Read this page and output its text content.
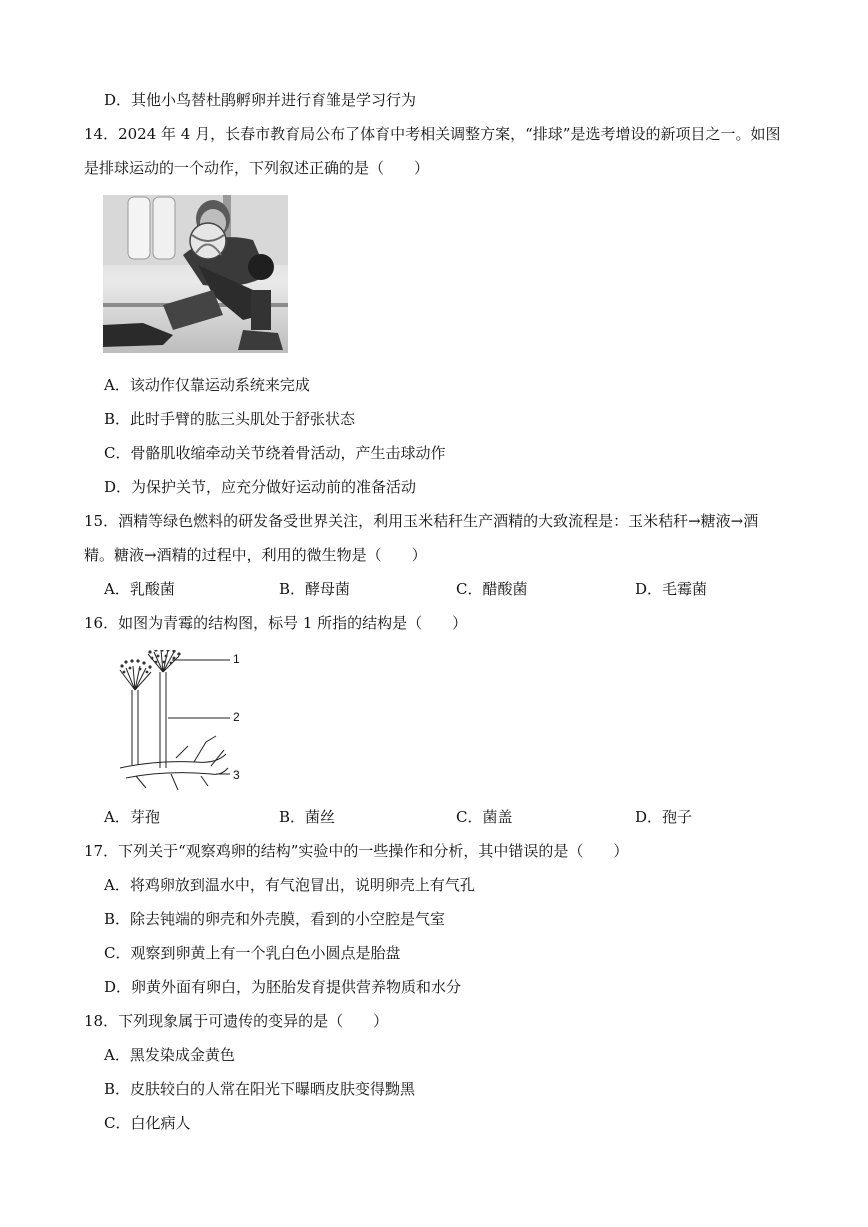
D．其他小鸟替杜鹃孵卵并进行育雏是学习行为
14．2024 年 4 月，长春市教育局公布了体育中考相关调整方案，“排球”是选考增设的新项目之一。如图
是排球运动的一个动作，下列叙述正确的是（　　）
A．该动作仅靠运动系统来完成
B．此时手臂的肱三头肌处于舒张状态
C．骨骼肌收缩牵动关节绕着骨活动，产生击球动作
D．为保护关节，应充分做好运动前的准备活动
15．酒精等绿色燃料的研发备受世界关注，利用玉米秸秆生产酒精的大致流程是：玉米秸秆→糖液→酒
精。糖液→酒精的过程中，利用的微生物是（　　）
A．乳酸菌	B．酵母菌	C．醋酸菌	D．毛霉菌
16．如图为青霉的结构图，标号 1 所指的结构是（　　）
1
2
3
A．芽孢	B．菌丝	C．菌盖	D．孢子
17．下列关于“观察鸡卵的结构”实验中的一些操作和分析，其中错误的是（　　）
A．将鸡卵放到温水中，有气泡冒出，说明卵壳上有气孔
B．除去钝端的卵壳和外壳膜，看到的小空腔是气室
C．观察到卵黄上有一个乳白色小圆点是胎盘
D．卵黄外面有卵白，为胚胎发育提供营养物质和水分
18．下列现象属于可遗传的变异的是（　　）
A．黑发染成金黄色
B．皮肤较白的人常在阳光下曝晒皮肤变得黝黑
C．白化病人
